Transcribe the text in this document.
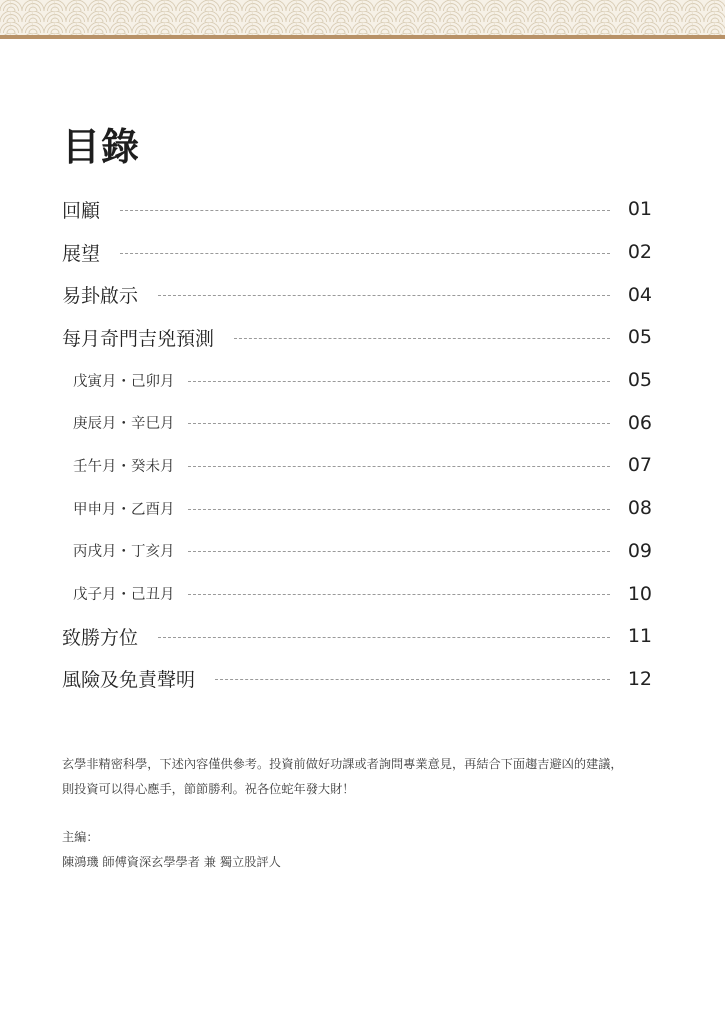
目錄
回顧	01
展望	02
易卦啟示	04
每月奇門吉兇預測	05
戊寅月・己卯月	05
庚辰月・辛巳月	06
壬午月・癸未月	07
甲申月・乙酉月	08
丙戌月・丁亥月	09
戊子月・己丑月	10
致勝方位	11
風險及免責聲明	12

玄學非精密科學，下述內容僅供參考。投資前做好功課或者詢問專業意見，再結合下面趨吉避凶的建議，

則投資可以得心應手，節節勝利。祝各位蛇年發大財！

主編：

陳鴻璣 師傅資深玄學學者 兼 獨立股評人
